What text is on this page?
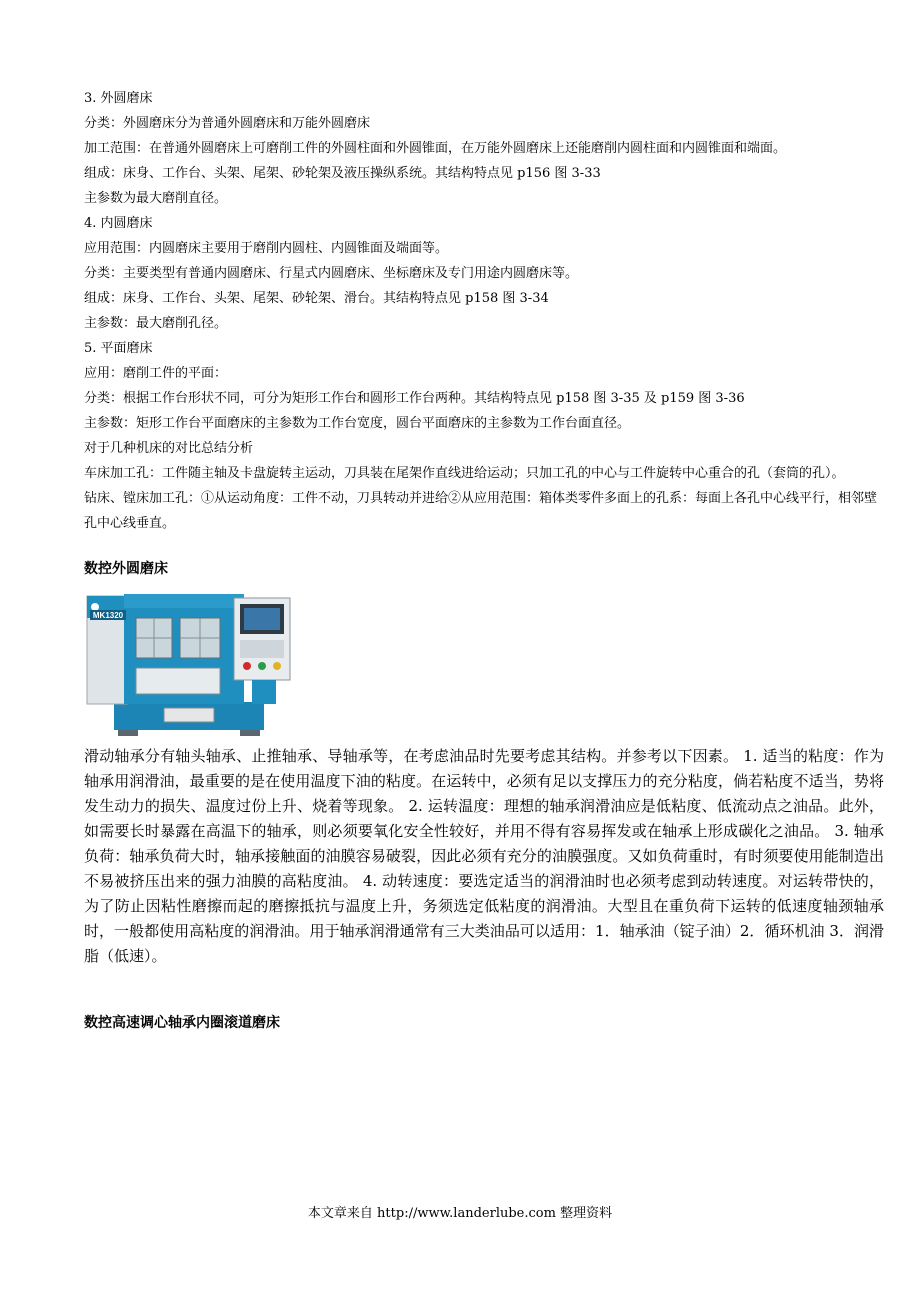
3. 外圆磨床

分类：外圆磨床分为普通外圆磨床和万能外圆磨床

加工范围：在普通外圆磨床上可磨削工件的外圆柱面和外圆锥面，在万能外圆磨床上还能磨削内圆柱面和内圆锥面和端面。

组成：床身、工作台、头架、尾架、砂轮架及液压操纵系统。其结构特点见 p156 图 3-33

主参数为最大磨削直径。

4. 内圆磨床

应用范围：内圆磨床主要用于磨削内圆柱、内圆锥面及端面等。

分类：主要类型有普通内圆磨床、行星式内圆磨床、坐标磨床及专门用途内圆磨床等。

组成：床身、工作台、头架、尾架、砂轮架、滑台。其结构特点见 p158 图 3-34

主参数：最大磨削孔径。

5. 平面磨床

应用：磨削工件的平面：

分类：根据工作台形状不同，可分为矩形工作台和圆形工作台两种。其结构特点见 p158 图 3-35 及 p159 图 3-36

主参数：矩形工作台平面磨床的主参数为工作台宽度，圆台平面磨床的主参数为工作台面直径。

对于几种机床的对比总结分析

车床加工孔：工件随主轴及卡盘旋转主运动，刀具装在尾架作直线进给运动；只加工孔的中心与工件旋转中心重合的孔（套筒的孔）。

钻床、镗床加工孔：①从运动角度：工件不动，刀具转动并进给②从应用范围：箱体类零件多面上的孔系：每面上各孔中心线平行，相邻壁孔中心线垂直。

数控外圆磨床
MK1320

滑动轴承分有轴头轴承、止推轴承、导轴承等，在考虑油品时先要考虑其结构。并参考以下因素。 1. 适当的粘度：作为轴承用润滑油，最重要的是在使用温度下油的粘度。在运转中，必须有足以支撑压力的充分粘度，倘若粘度不适当，势将发生动力的损失、温度过份上升、烧着等现象。 2. 运转温度：理想的轴承润滑油应是低粘度、低流动点之油品。此外，如需要长时暴露在高温下的轴承，则必须要氧化安全性较好，并用不得有容易挥发或在轴承上形成碳化之油品。 3. 轴承负荷：轴承负荷大时，轴承接触面的油膜容易破裂，因此必须有充分的油膜强度。又如负荷重时，有时须要使用能制造出不易被挤压出来的强力油膜的高粘度油。 4. 动转速度：要选定适当的润滑油时也必须考虑到动转速度。对运转带快的，为了防止因粘性磨擦而起的磨擦抵抗与温度上升，务须选定低粘度的润滑油。大型且在重负荷下运转的低速度轴颈轴承时，一般都使用高粘度的润滑油。用于轴承润滑通常有三大类油品可以适用：1．轴承油（锭子油）2．循环机油 3．润滑脂（低速）。

数控高速调心轴承内圈滚道磨床
本文章来自 http://www.landerlube.com 整理资料
